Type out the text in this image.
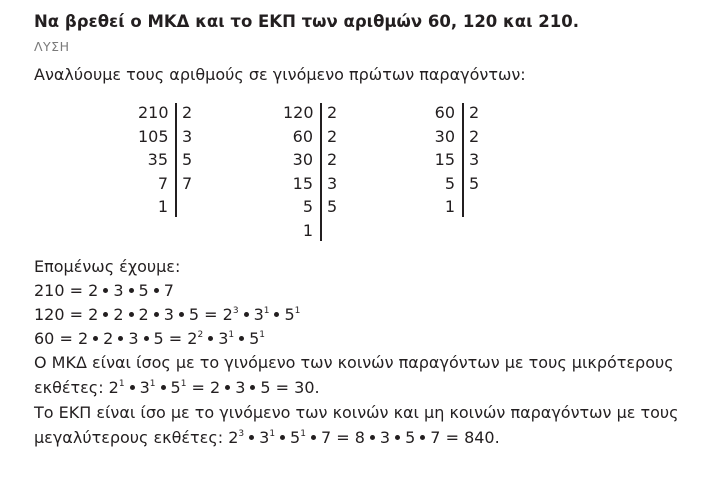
Να βρεθεί ο ΜΚΔ και το ΕΚΠ των αριθμών 60, 120 και 210.
ΛΥΣΗ
Αναλύουμε τους αριθμούς σε γινόμενο πρώτων παραγόντων:
210 2
105 3
35 5
7 7
1
120 2
60 2
30 2
15 3
5 5
1
60 2
30 2
15 3
5 5
1
Επομένως έχουμε:
210 = 2 3 5 7
120 = 2 2 2 3 $5 = 2^3$ $3^1$ $5^1$
60 = 2 2 3 $5 = 2^2$ $3^1$ $5^1$
Ο ΜΚΔ είναι ίσος με το γινόμενο των κοινών παραγόντων με τους μικρότερους
εκθέτες: $2^1$ $3^1$ $5^1 = 2$ 3 5 = 30.
Το ΕΚΠ είναι ίσο με το γινόμενο των κοινών και μη κοινών παραγόντων με τους
μεγαλύτερους εκθέτες: $2^3$ $3^1$ $5^1$ 7 = 8 3 5 7 = 840.
